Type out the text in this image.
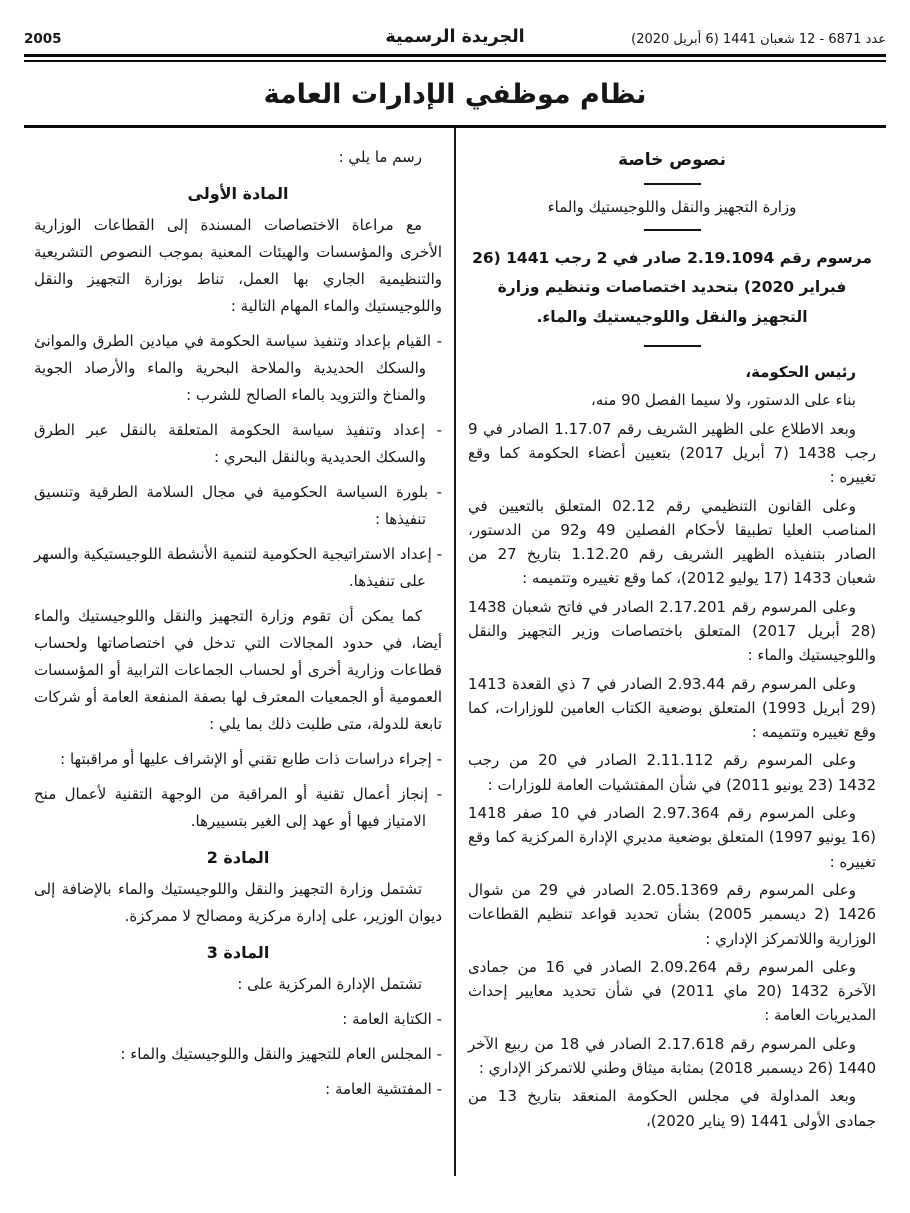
عدد 6871 - 12 شعبان 1441 (6 أبريل 2020)
الجريدة الرسمية
2005
نظام موظفي الإدارات العامة
نصوص خاصة

وزارة التجهيز والنقل واللوجيستيك والماء

مرسوم رقم 2.19.1094 صادر في 2 رجب 1441 (26 فبراير 2020) بتحديد اختصاصات وتنظيم وزارة التجهيز والنقل واللوجيستيك والماء.

رئيس الحكومة،

بناء على الدستور، ولا سيما الفصل 90 منه،

وبعد الاطلاع على الظهير الشريف رقم 1.17.07 الصادر في 9 رجب 1438 (7 أبريل 2017) بتعيين أعضاء الحكومة كما وقع تغييره :

وعلى القانون التنظيمي رقم 02.12 المتعلق بالتعيين في المناصب العليا تطبيقا لأحكام الفصلين 49 و92 من الدستور، الصادر بتنفيذه الظهير الشريف رقم 1.12.20 بتاريخ 27 من شعبان 1433 (17 يوليو 2012)، كما وقع تغييره وتتميمه :

وعلى المرسوم رقم 2.17.201 الصادر في فاتح شعبان 1438 (28 أبريل 2017) المتعلق باختصاصات وزير التجهيز والنقل واللوجيستيك والماء :

وعلى المرسوم رقم 2.93.44 الصادر في 7 ذي القعدة 1413 (29 أبريل 1993) المتعلق بوضعية الكتاب العامين للوزارات، كما وقع تغييره وتتميمه :

وعلى المرسوم رقم 2.11.112 الصادر في 20 من رجب 1432 (23 يونيو 2011) في شأن المفتشيات العامة للوزارات :

وعلى المرسوم رقم 2.97.364 الصادر في 10 صفر 1418 (16 يونيو 1997) المتعلق بوضعية مديري الإدارة المركزية كما وقع تغييره :

وعلى المرسوم رقم 2.05.1369 الصادر في 29 من شوال 1426 (2 ديسمبر 2005) بشأن تحديد قواعد تنظيم القطاعات الوزارية واللاتمركز الإداري :

وعلى المرسوم رقم 2.09.264 الصادر في 16 من جمادى الآخرة 1432 (20 ماي 2011) في شأن تحديد معايير إحداث المديريات العامة :

وعلى المرسوم رقم 2.17.618 الصادر في 18 من ربيع الآخر 1440 (26 ديسمبر 2018) بمثابة ميثاق وطني للاتمركز الإداري :

وبعد المداولة في مجلس الحكومة المنعقد بتاريخ 13 من جمادى الأولى 1441 (9 يناير 2020)،

رسم ما يلي :

المادة الأولى

مع مراعاة الاختصاصات المسندة إلى القطاعات الوزارية الأخرى والمؤسسات والهيئات المعنية بموجب النصوص التشريعية والتنظيمية الجاري بها العمل، تناط بوزارة التجهيز والنقل واللوجيستيك والماء المهام التالية :

- القيام بإعداد وتنفيذ سياسة الحكومة في ميادين الطرق والموانئ والسكك الحديدية والملاحة البحرية والماء والأرصاد الجوية والمناخ والتزويد بالماء الصالح للشرب :

- إعداد وتنفيذ سياسة الحكومة المتعلقة بالنقل عبر الطرق والسكك الحديدية وبالنقل البحري :

- بلورة السياسة الحكومية في مجال السلامة الطرقية وتنسيق تنفيذها :

- إعداد الاستراتيجية الحكومية لتنمية الأنشطة اللوجيستيكية والسهر على تنفيذها.

كما يمكن أن تقوم وزارة التجهيز والنقل واللوجيستيك والماء أيضا، في حدود المجالات التي تدخل في اختصاصاتها ولحساب قطاعات وزارية أخرى أو لحساب الجماعات الترابية أو المؤسسات العمومية أو الجمعيات المعترف لها بصفة المنفعة العامة أو شركات تابعة للدولة، متى طلبت ذلك بما يلي :

- إجراء دراسات ذات طابع تقني أو الإشراف عليها أو مراقبتها :

- إنجاز أعمال تقنية أو المراقبة من الوجهة التقنية لأعمال منح الامتياز فيها أو عهد إلى الغير بتسييرها.

المادة 2

تشتمل وزارة التجهيز والنقل واللوجيستيك والماء بالإضافة إلى ديوان الوزير، على إدارة مركزية ومصالح لا ممركزة.

المادة 3

تشتمل الإدارة المركزية على :

- الكتابة العامة :

- المجلس العام للتجهيز والنقل واللوجيستيك والماء :

- المفتشية العامة :
